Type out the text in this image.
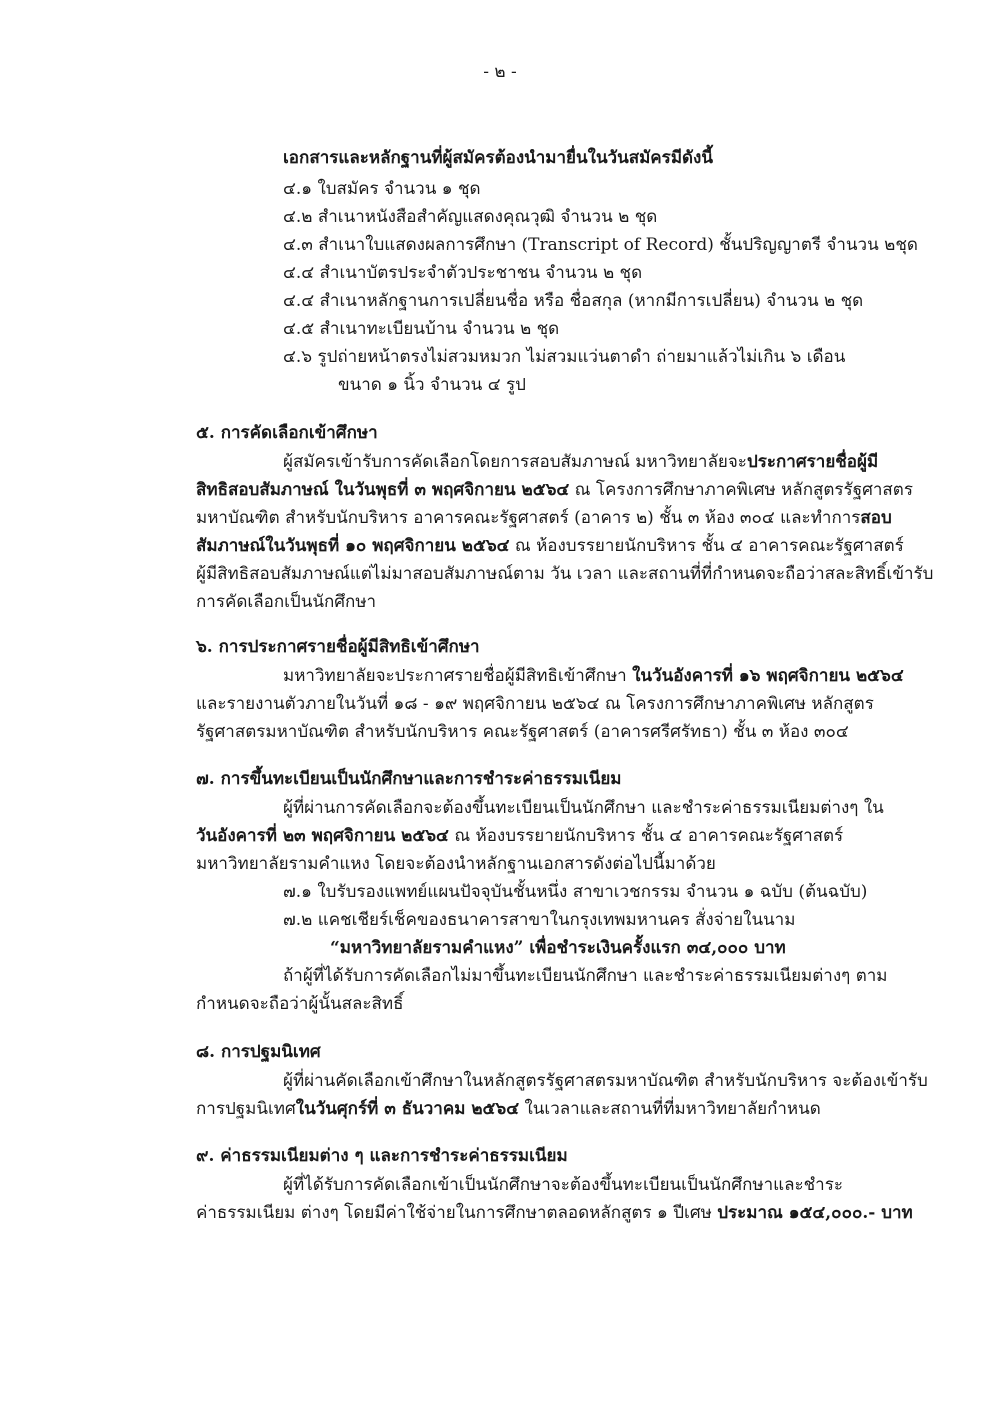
- ๒ -
เอกสารและหลักฐานที่ผู้สมัครต้องนำมายื่นในวันสมัครมีดังนี้
๔.๑ ใบสมัคร จำนวน ๑ ชุด
๔.๒ สำเนาหนังสือสำคัญแสดงคุณวุฒิ จำนวน ๒ ชุด
๔.๓ สำเนาใบแสดงผลการศึกษา (Transcript of Record) ชั้นปริญญาตรี จำนวน ๒ชุด
๔.๔ สำเนาบัตรประจำตัวประชาชน จำนวน ๒ ชุด
๔.๔ สำเนาหลักฐานการเปลี่ยนชื่อ หรือ ชื่อสกุล (หากมีการเปลี่ยน) จำนวน ๒ ชุด
๔.๕ สำเนาทะเบียนบ้าน จำนวน ๒ ชุด
๔.๖ รูปถ่ายหน้าตรงไม่สวมหมวก ไม่สวมแว่นตาดำ ถ่ายมาแล้วไม่เกิน ๖ เดือน
ขนาด ๑ นิ้ว จำนวน ๔ รูป
๕. การคัดเลือกเข้าศึกษา
ผู้สมัครเข้ารับการคัดเลือกโดยการสอบสัมภาษณ์ มหาวิทยาลัยจะประกาศรายชื่อผู้มี
สิทธิสอบสัมภาษณ์ ในวันพุธที่ ๓ พฤศจิกายน ๒๕๖๔ ณ โครงการศึกษาภาคพิเศษ หลักสูตรรัฐศาสตร
มหาบัณฑิต สำหรับนักบริหาร อาคารคณะรัฐศาสตร์ (อาคาร ๒) ชั้น ๓ ห้อง ๓๐๔ และทำการสอบ
สัมภาษณ์ในวันพุธที่ ๑๐ พฤศจิกายน ๒๕๖๔ ณ ห้องบรรยายนักบริหาร ชั้น ๔ อาคารคณะรัฐศาสตร์
ผู้มีสิทธิสอบสัมภาษณ์แต่ไม่มาสอบสัมภาษณ์ตาม วัน เวลา และสถานที่ที่กำหนดจะถือว่าสละสิทธิ์เข้ารับ
การคัดเลือกเป็นนักศึกษา
๖. การประกาศรายชื่อผู้มีสิทธิเข้าศึกษา
มหาวิทยาลัยจะประกาศรายชื่อผู้มีสิทธิเข้าศึกษา ในวันอังคารที่ ๑๖ พฤศจิกายน ๒๕๖๔
และรายงานตัวภายในวันที่ ๑๘ - ๑๙ พฤศจิกายน ๒๕๖๔ ณ โครงการศึกษาภาคพิเศษ หลักสูตร
รัฐศาสตรมหาบัณฑิต สำหรับนักบริหาร คณะรัฐศาสตร์ (อาคารศรีศรัทธา) ชั้น ๓ ห้อง ๓๐๔
๗. การขึ้นทะเบียนเป็นนักศึกษาและการชำระค่าธรรมเนียม
ผู้ที่ผ่านการคัดเลือกจะต้องขึ้นทะเบียนเป็นนักศึกษา และชำระค่าธรรมเนียมต่างๆ ใน
วันอังคารที่ ๒๓ พฤศจิกายน ๒๕๖๔ ณ ห้องบรรยายนักบริหาร ชั้น ๔ อาคารคณะรัฐศาสตร์
มหาวิทยาลัยรามคำแหง โดยจะต้องนำหลักฐานเอกสารดังต่อไปนี้มาด้วย
๗.๑ ใบรับรองแพทย์แผนปัจจุบันชั้นหนึ่ง สาขาเวชกรรม จำนวน ๑ ฉบับ (ต้นฉบับ)
๗.๒ แคชเชียร์เช็คของธนาคารสาขาในกรุงเทพมหานคร สั่งจ่ายในนาม
“มหาวิทยาลัยรามคำแหง” เพื่อชำระเงินครั้งแรก ๓๔,๐๐๐ บาท
ถ้าผู้ที่ได้รับการคัดเลือกไม่มาขึ้นทะเบียนนักศึกษา และชำระค่าธรรมเนียมต่างๆ ตาม
กำหนดจะถือว่าผู้นั้นสละสิทธิ์
๘. การปฐมนิเทศ
ผู้ที่ผ่านคัดเลือกเข้าศึกษาในหลักสูตรรัฐศาสตรมหาบัณฑิต สำหรับนักบริหาร จะต้องเข้ารับ
การปฐมนิเทศในวันศุกร์ที่ ๓ ธันวาคม ๒๕๖๔ ในเวลาและสถานที่ที่มหาวิทยาลัยกำหนด
๙. ค่าธรรมเนียมต่าง ๆ และการชำระค่าธรรมเนียม
ผู้ที่ได้รับการคัดเลือกเข้าเป็นนักศึกษาจะต้องขึ้นทะเบียนเป็นนักศึกษาและชำระ
ค่าธรรมเนียม ต่างๆ โดยมีค่าใช้จ่ายในการศึกษาตลอดหลักสูตร ๑ ปีเศษ ประมาณ ๑๕๔,๐๐๐.- บาท
